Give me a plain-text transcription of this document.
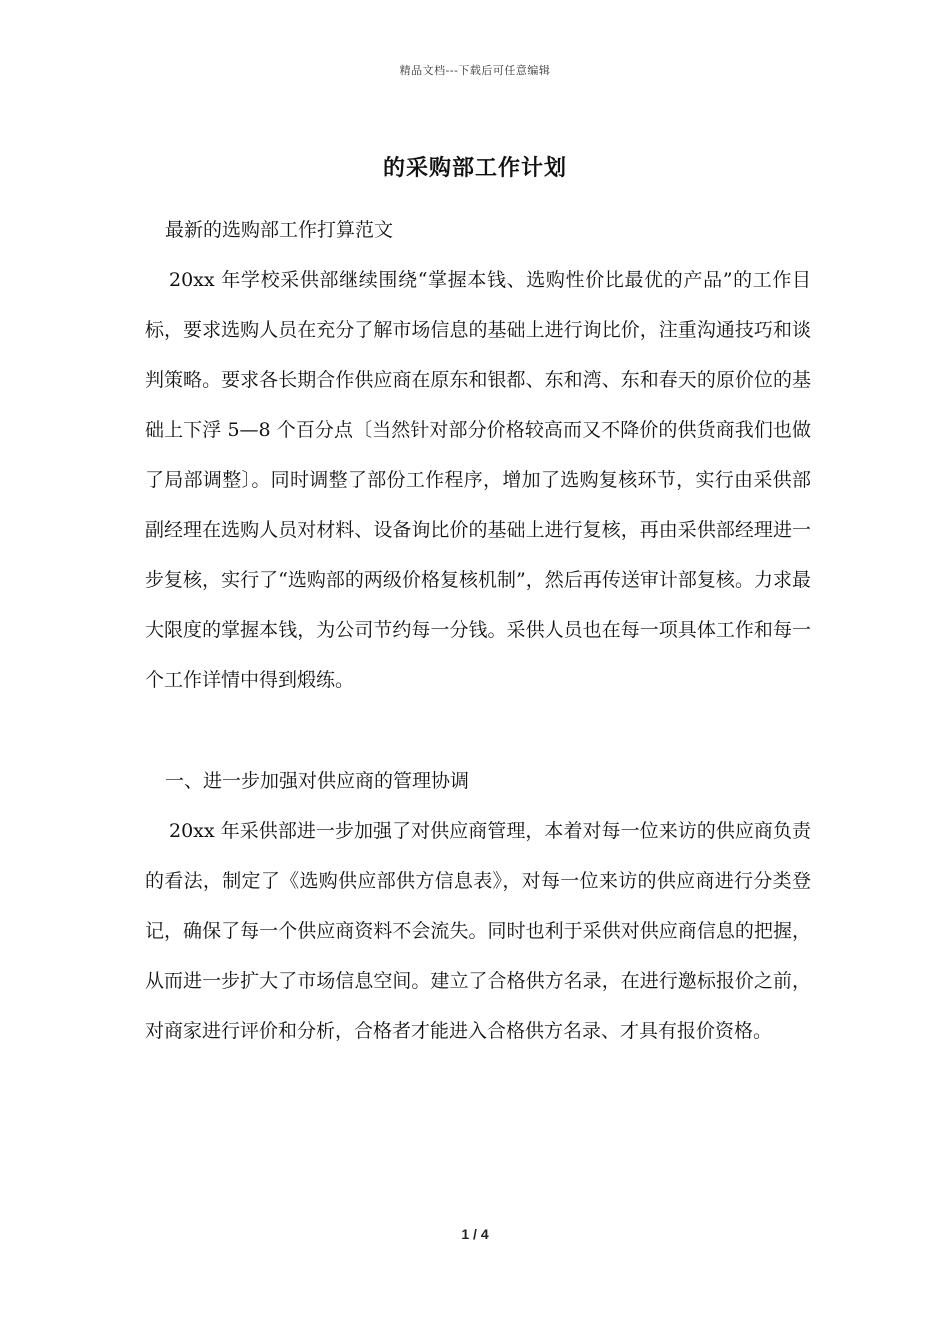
精品文档---下载后可任意编辑
的采购部工作计划

最新的选购部工作打算范文

20xx 年学校采供部继续围绕“掌握本钱、选购性价比最优的产品”的工作目标，要求选购人员在充分了解市场信息的基础上进行询比价，注重沟通技巧和谈判策略。要求各长期合作供应商在原东和银都、东和湾、东和春天的原价位的基础上下浮 5—8 个百分点〔当然针对部分价格较高而又不降价的供货商我们也做了局部调整〕。同时调整了部份工作程序，增加了选购复核环节，实行由采供部副经理在选购人员对材料、设备询比价的基础上进行复核，再由采供部经理进一步复核，实行了“选购部的两级价格复核机制”，然后再传送审计部复核。力求最大限度的掌握本钱，为公司节约每一分钱。采供人员也在每一项具体工作和每一个工作详情中得到煅练。

一、进一步加强对供应商的管理协调

20xx 年采供部进一步加强了对供应商管理，本着对每一位来访的供应商负责的看法，制定了《选购供应部供方信息表》，对每一位来访的供应商进行分类登记，确保了每一个供应商资料不会流失。同时也利于采供对供应商信息的把握，从而进一步扩大了市场信息空间。建立了合格供方名录，在进行邀标报价之前，对商家进行评价和分析，合格者才能进入合格供方名录、才具有报价资格。

1 / 4
